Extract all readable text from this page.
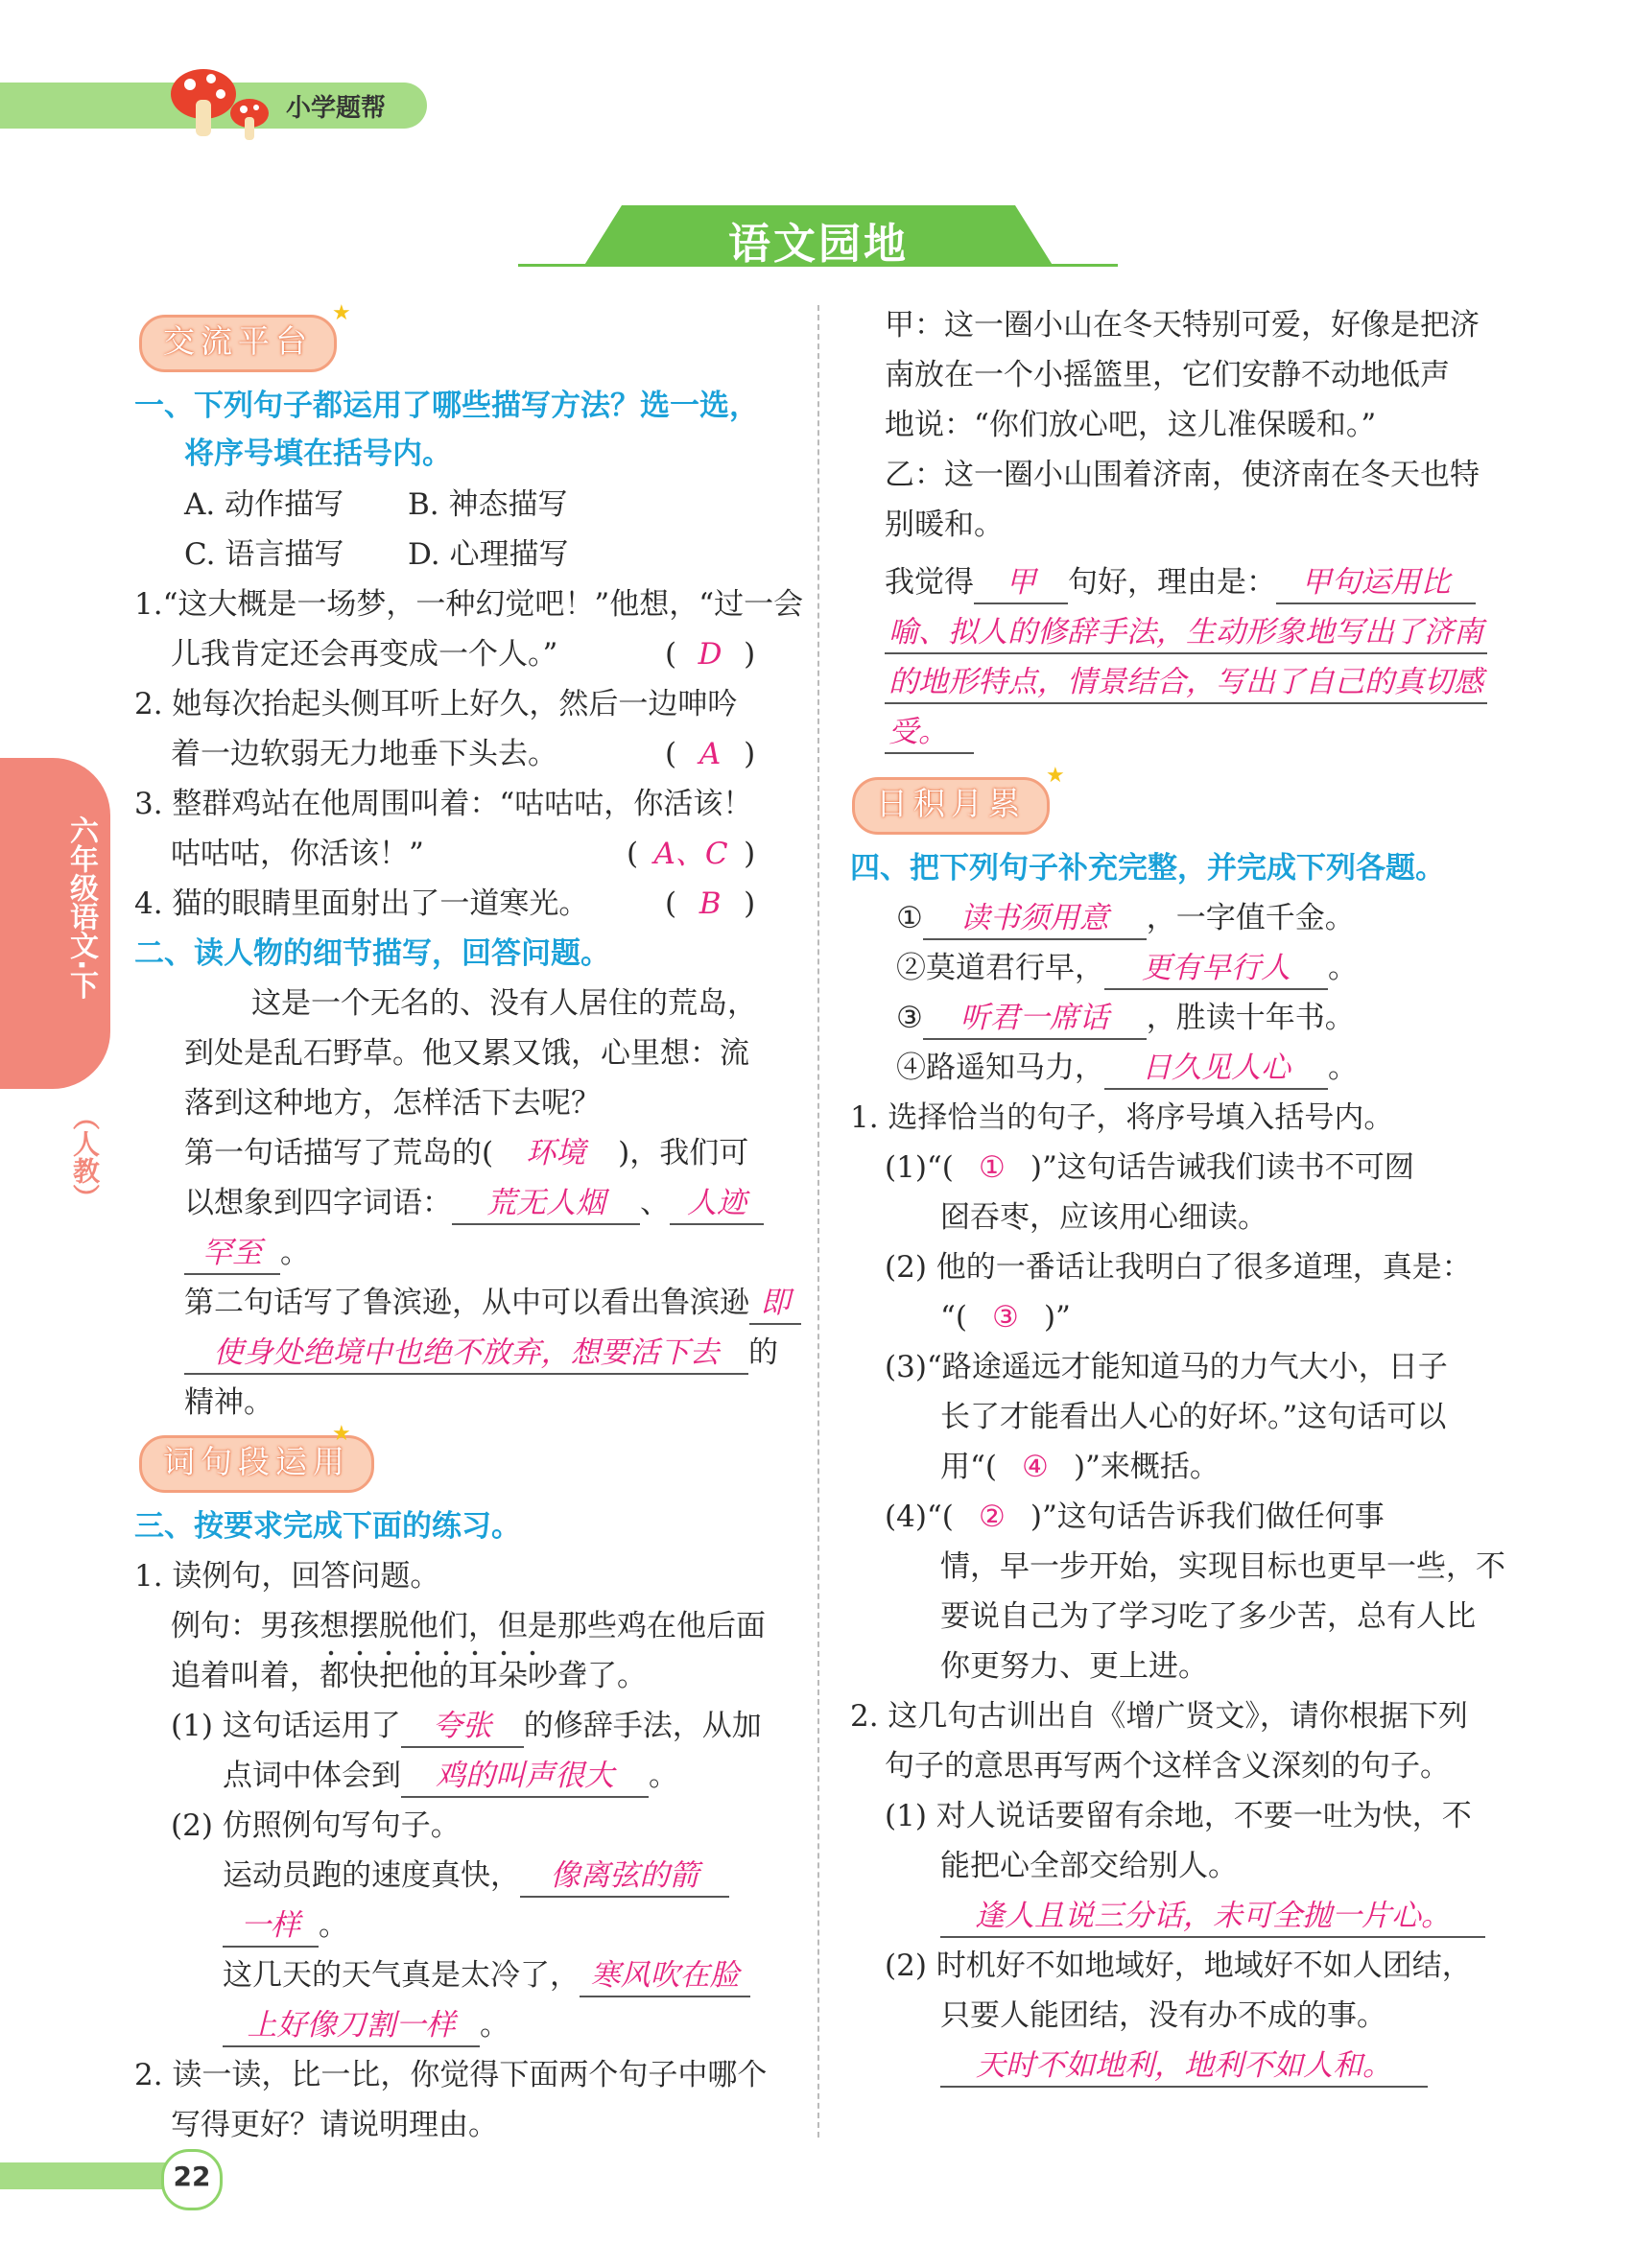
小学题帮
语文园地
六年级语文·下
（人教）
22
交流平台
★
一、下列句子都运用了哪些描写方法？选一选，
将序号填在括号内。
A. 动作描写 B. 神态描写
C. 语言描写 D. 心理描写
1.“这大概是一场梦，一种幻觉吧！”他想，“过一会
儿我肯定还会再变成一个人。”	( D )
2. 她每次抬起头侧耳听上好久，然后一边呻吟
着一边软弱无力地垂下头去。	( A )
3. 整群鸡站在他周围叫着：“咕咕咕，你活该！
咕咕咕，你活该！”	( A、C )
4. 猫的眼睛里面射出了一道寒光。	( B )
二、读人物的细节描写，回答问题。
这是一个无名的、没有人居住的荒岛，
到处是乱石野草。他又累又饿，心里想：流
落到这种地方，怎样活下去呢？
第一句话描写了荒岛的( 环境 )，我们可
以想象到四字词语： 荒无人烟 、 人迹
罕至 。
第二句话写了鲁滨逊，从中可以看出鲁滨逊 即
使身处绝境中也绝不放弃，想要活下去 的
精神。
词句段运用
★
三、按要求完成下面的练习。
1. 读例句，回答问题。
例句：男孩想摆脱他们，但是那些鸡在他后面
追着叫着，都快把他的耳朵吵聋了。
(1) 这句话运用了 夸张 的修辞手法，从加
点词中体会到 鸡的叫声很大 。
(2) 仿照例句写句子。
运动员跑的速度真快， 像离弦的箭
一样 。
这几天的天气真是太冷了， 寒风吹在脸
上好像刀割一样 。
2. 读一读，比一比，你觉得下面两个句子中哪个
写得更好？请说明理由。
甲：这一圈小山在冬天特别可爱，好像是把济
南放在一个小摇篮里，它们安静不动地低声
地说：“你们放心吧，这儿准保暖和。”
乙：这一圈小山围着济南，使济南在冬天也特
别暖和。
我觉得 甲 句好，理由是： 甲句运用比
喻、拟人的修辞手法，生动形象地写出了济南
的地形特点，情景结合，写出了自己的真切感
受。
日积月累
★
四、把下列句子补充完整，并完成下列各题。
① 读书须用意 ，一字值千金。
②莫道君行早， 更有早行人 。
③ 听君一席话 ，胜读十年书。
④路遥知马力， 日久见人心 。
1. 选择恰当的句子，将序号填入括号内。
(1)“( ① )”这句话告诫我们读书不可囫
囵吞枣，应该用心细读。
(2) 他的一番话让我明白了很多道理，真是：
“( ③ )”
(3)“路途遥远才能知道马的力气大小，日子
长了才能看出人心的好坏。”这句话可以
用“( ④ )”来概括。
(4)“( ② )”这句话告诉我们做任何事
情，早一步开始，实现目标也更早一些，不
要说自己为了学习吃了多少苦，总有人比
你更努力、更上进。
2. 这几句古训出自《增广贤文》，请你根据下列
句子的意思再写两个这样含义深刻的句子。
(1) 对人说话要留有余地，不要一吐为快，不
能把心全部交给别人。
逢人且说三分话，未可全抛一片心。
(2) 时机好不如地域好，地域好不如人团结，
只要人能团结，没有办不成的事。
天时不如地利，地利不如人和。
